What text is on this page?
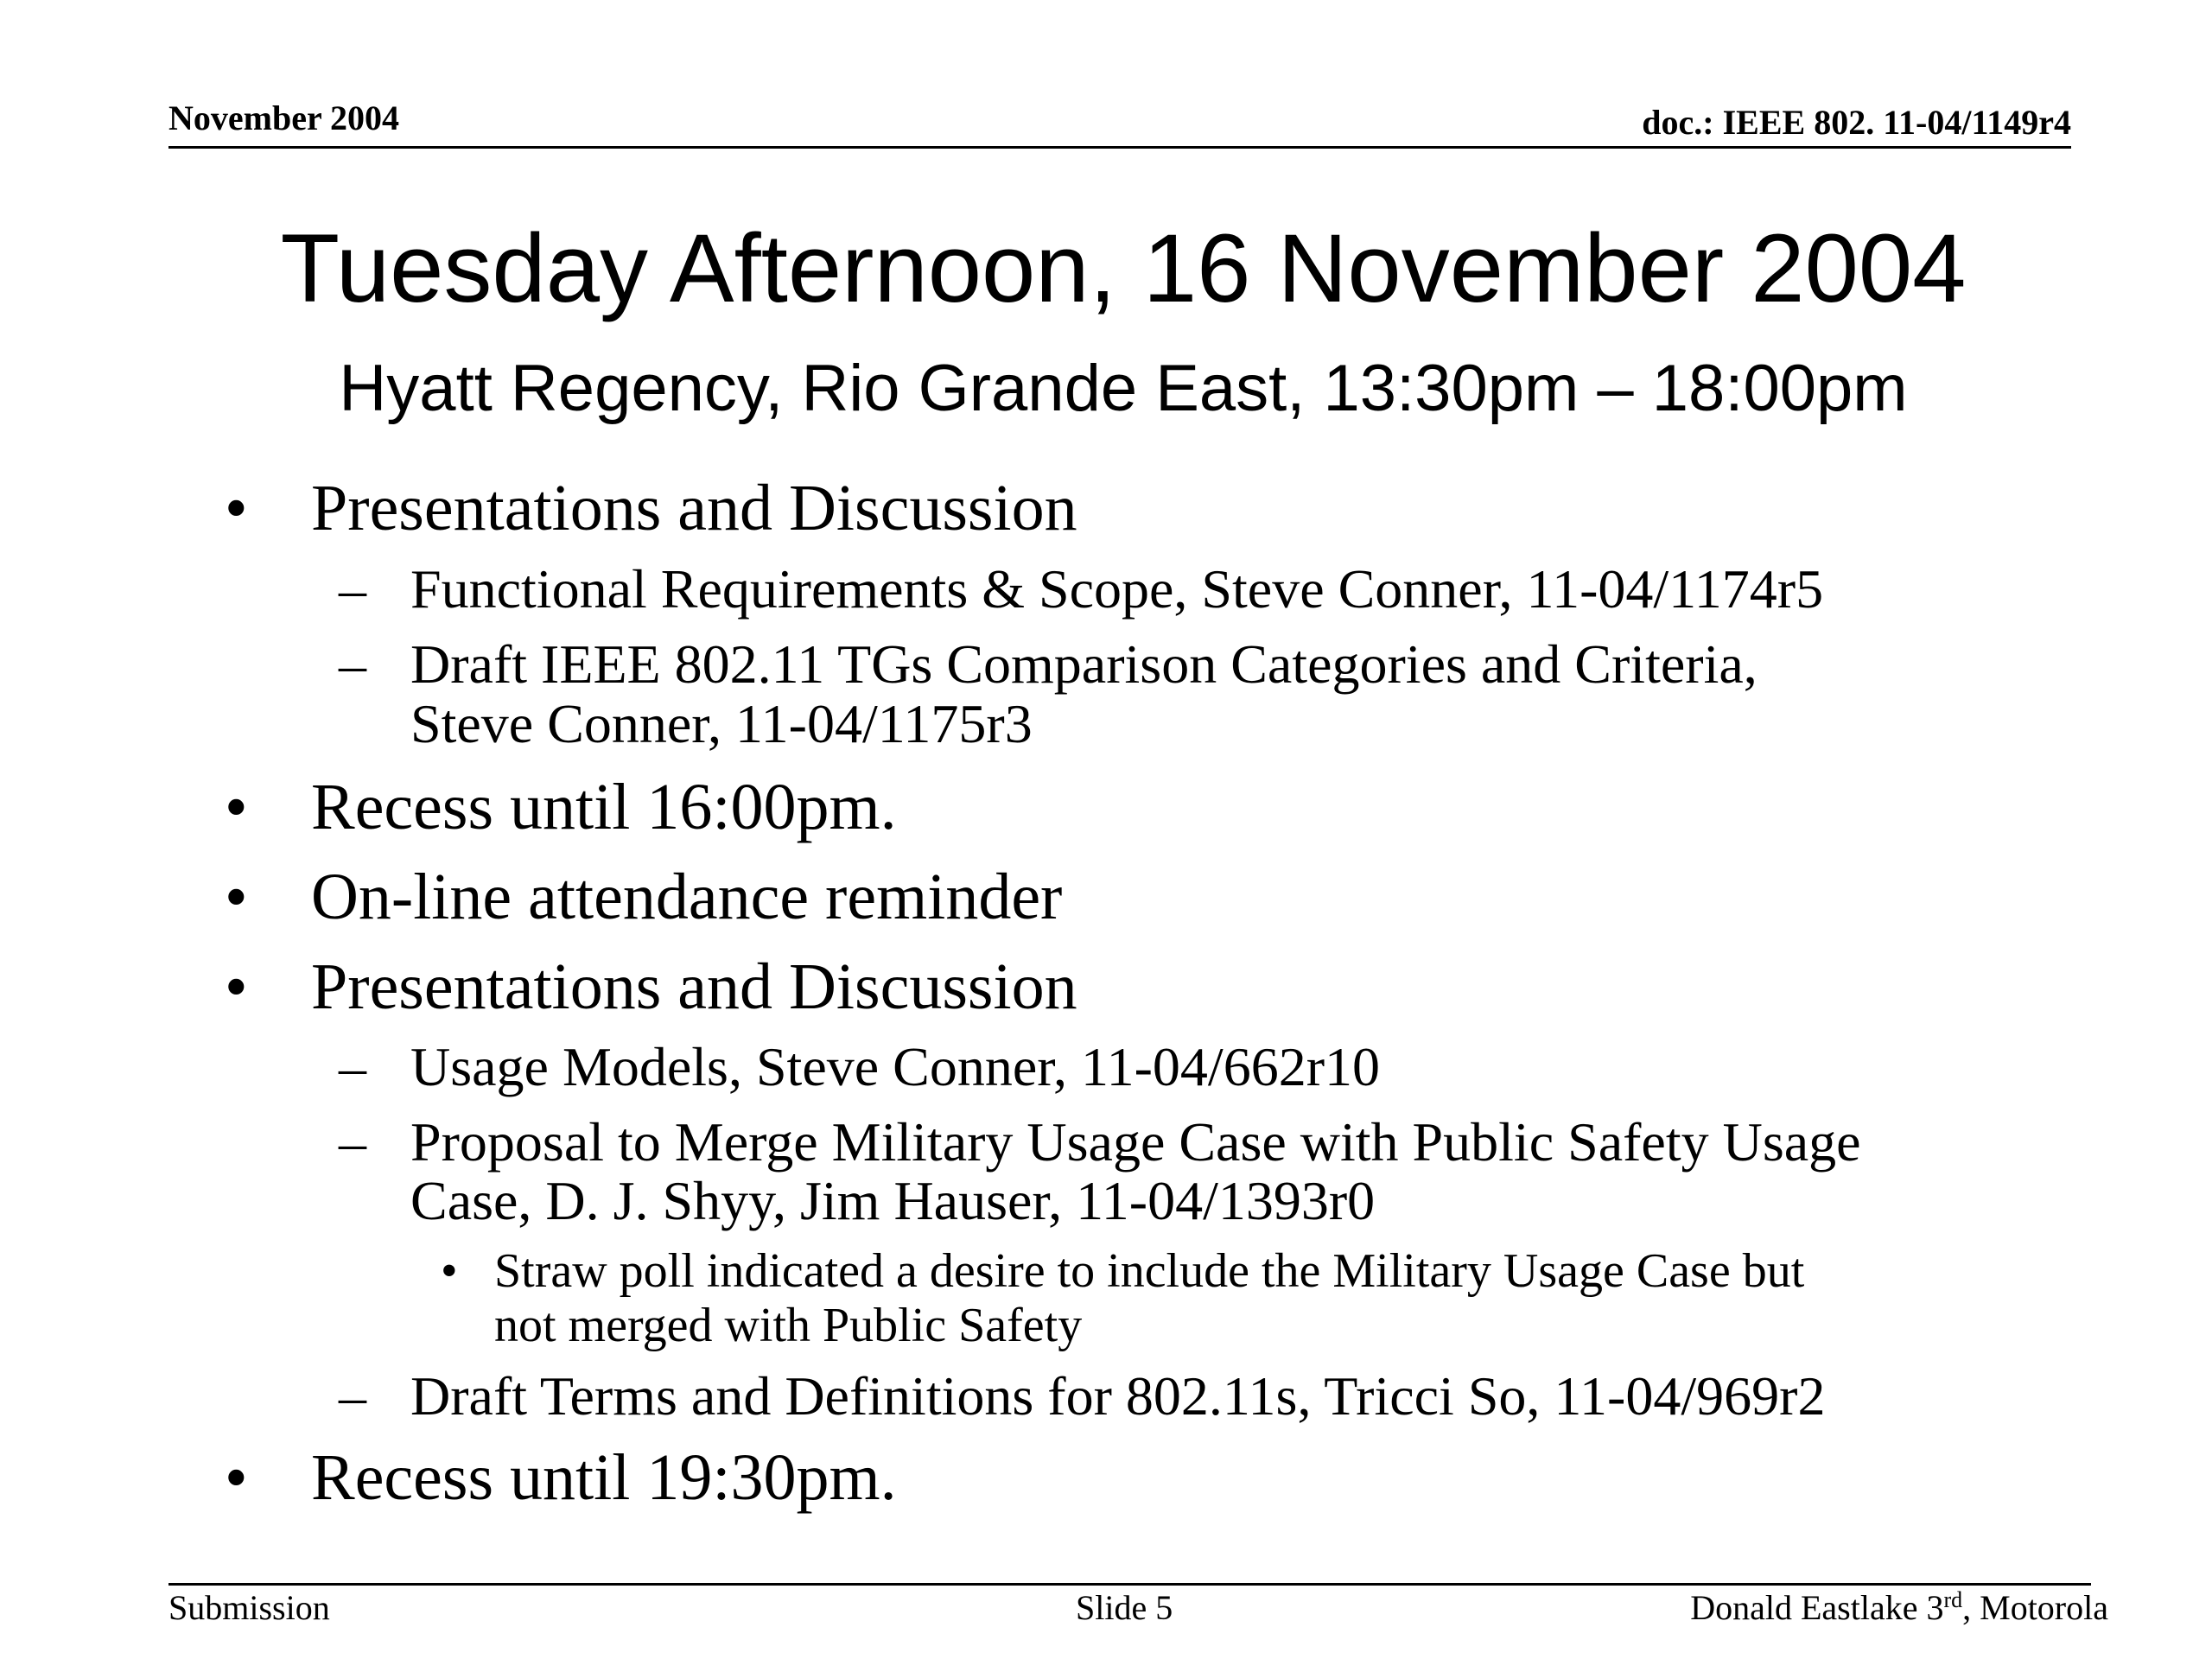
November 2004	doc.: IEEE 802. 11-04/1149r4
Tuesday Afternoon, 16 November 2004
Hyatt Regency, Rio Grande East, 13:30pm – 18:00pm
• Presentations and Discussion
– Functional Requirements & Scope, Steve Conner, 11-04/1174r5
– Draft IEEE 802.11 TGs Comparison Categories and Criteria,
Steve Conner, 11-04/1175r3
• Recess until 16:00pm.
• On-line attendance reminder
• Presentations and Discussion
– Usage Models, Steve Conner, 11-04/662r10
– Proposal to Merge Military Usage Case with Public Safety Usage
Case, D. J. Shyy, Jim Hauser, 11-04/1393r0
• Straw poll indicated a desire to include the Military Usage Case but
not merged with Public Safety
– Draft Terms and Definitions for 802.11s, Tricci So, 11-04/969r2
• Recess until 19:30pm.
Submission	Slide 5	Donald Eastlake 3rd, Motorola
